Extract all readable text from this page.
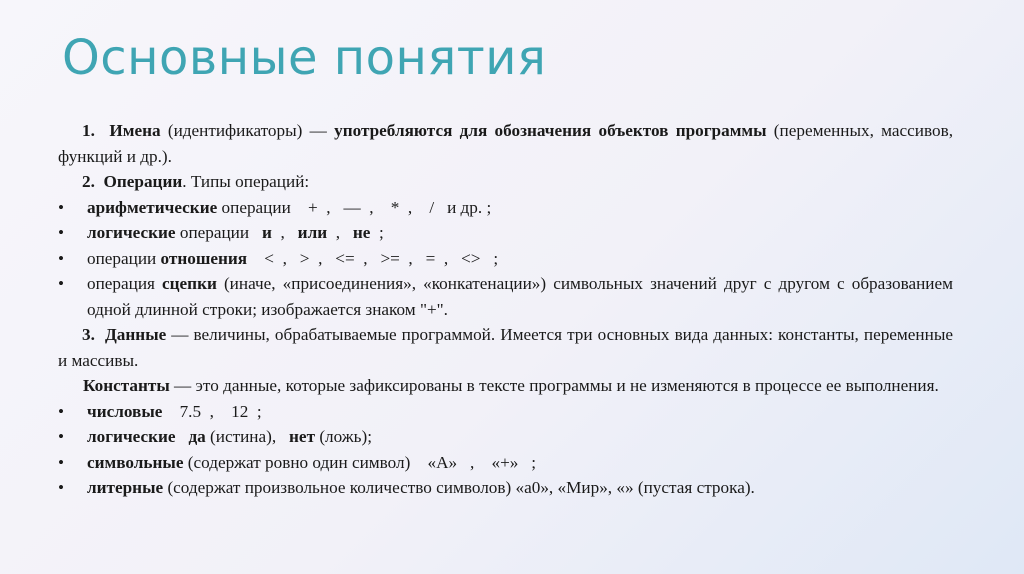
Основные понятия
1. Имена (идентификаторы) — употребляются для обозначения объектов программы (переменных, массивов, функций и др.).
2. Операции. Типы операций:
• арифметические операции +  ,   —  ,    *  ,    / и др. ;
• логические операции и  ,   или  ,   не ;
• операции отношения <  ,   >  ,   <=  ,   >=  ,   =  ,   <> ;
• операция сцепки (иначе, «присоединения», «конкатенации») символьных значений друг с другом с образованием одной длинной строки; изображается знаком "+".
3. Данные — величины, обрабатываемые программой. Имеется три основных вида данных: константы, переменные и массивы.
Константы — это данные, которые зафиксированы в тексте программы и не изменяются в процессе ее выполнения.
• числовые 7.5  ,    12 ;
• логические да (истина),   нет (ложь);
• символьные (содержат ровно один символ) «А»   ,    «+» ;
• литерные (содержат произвольное количество символов) «а0», «Мир», «» (пустая строка).
